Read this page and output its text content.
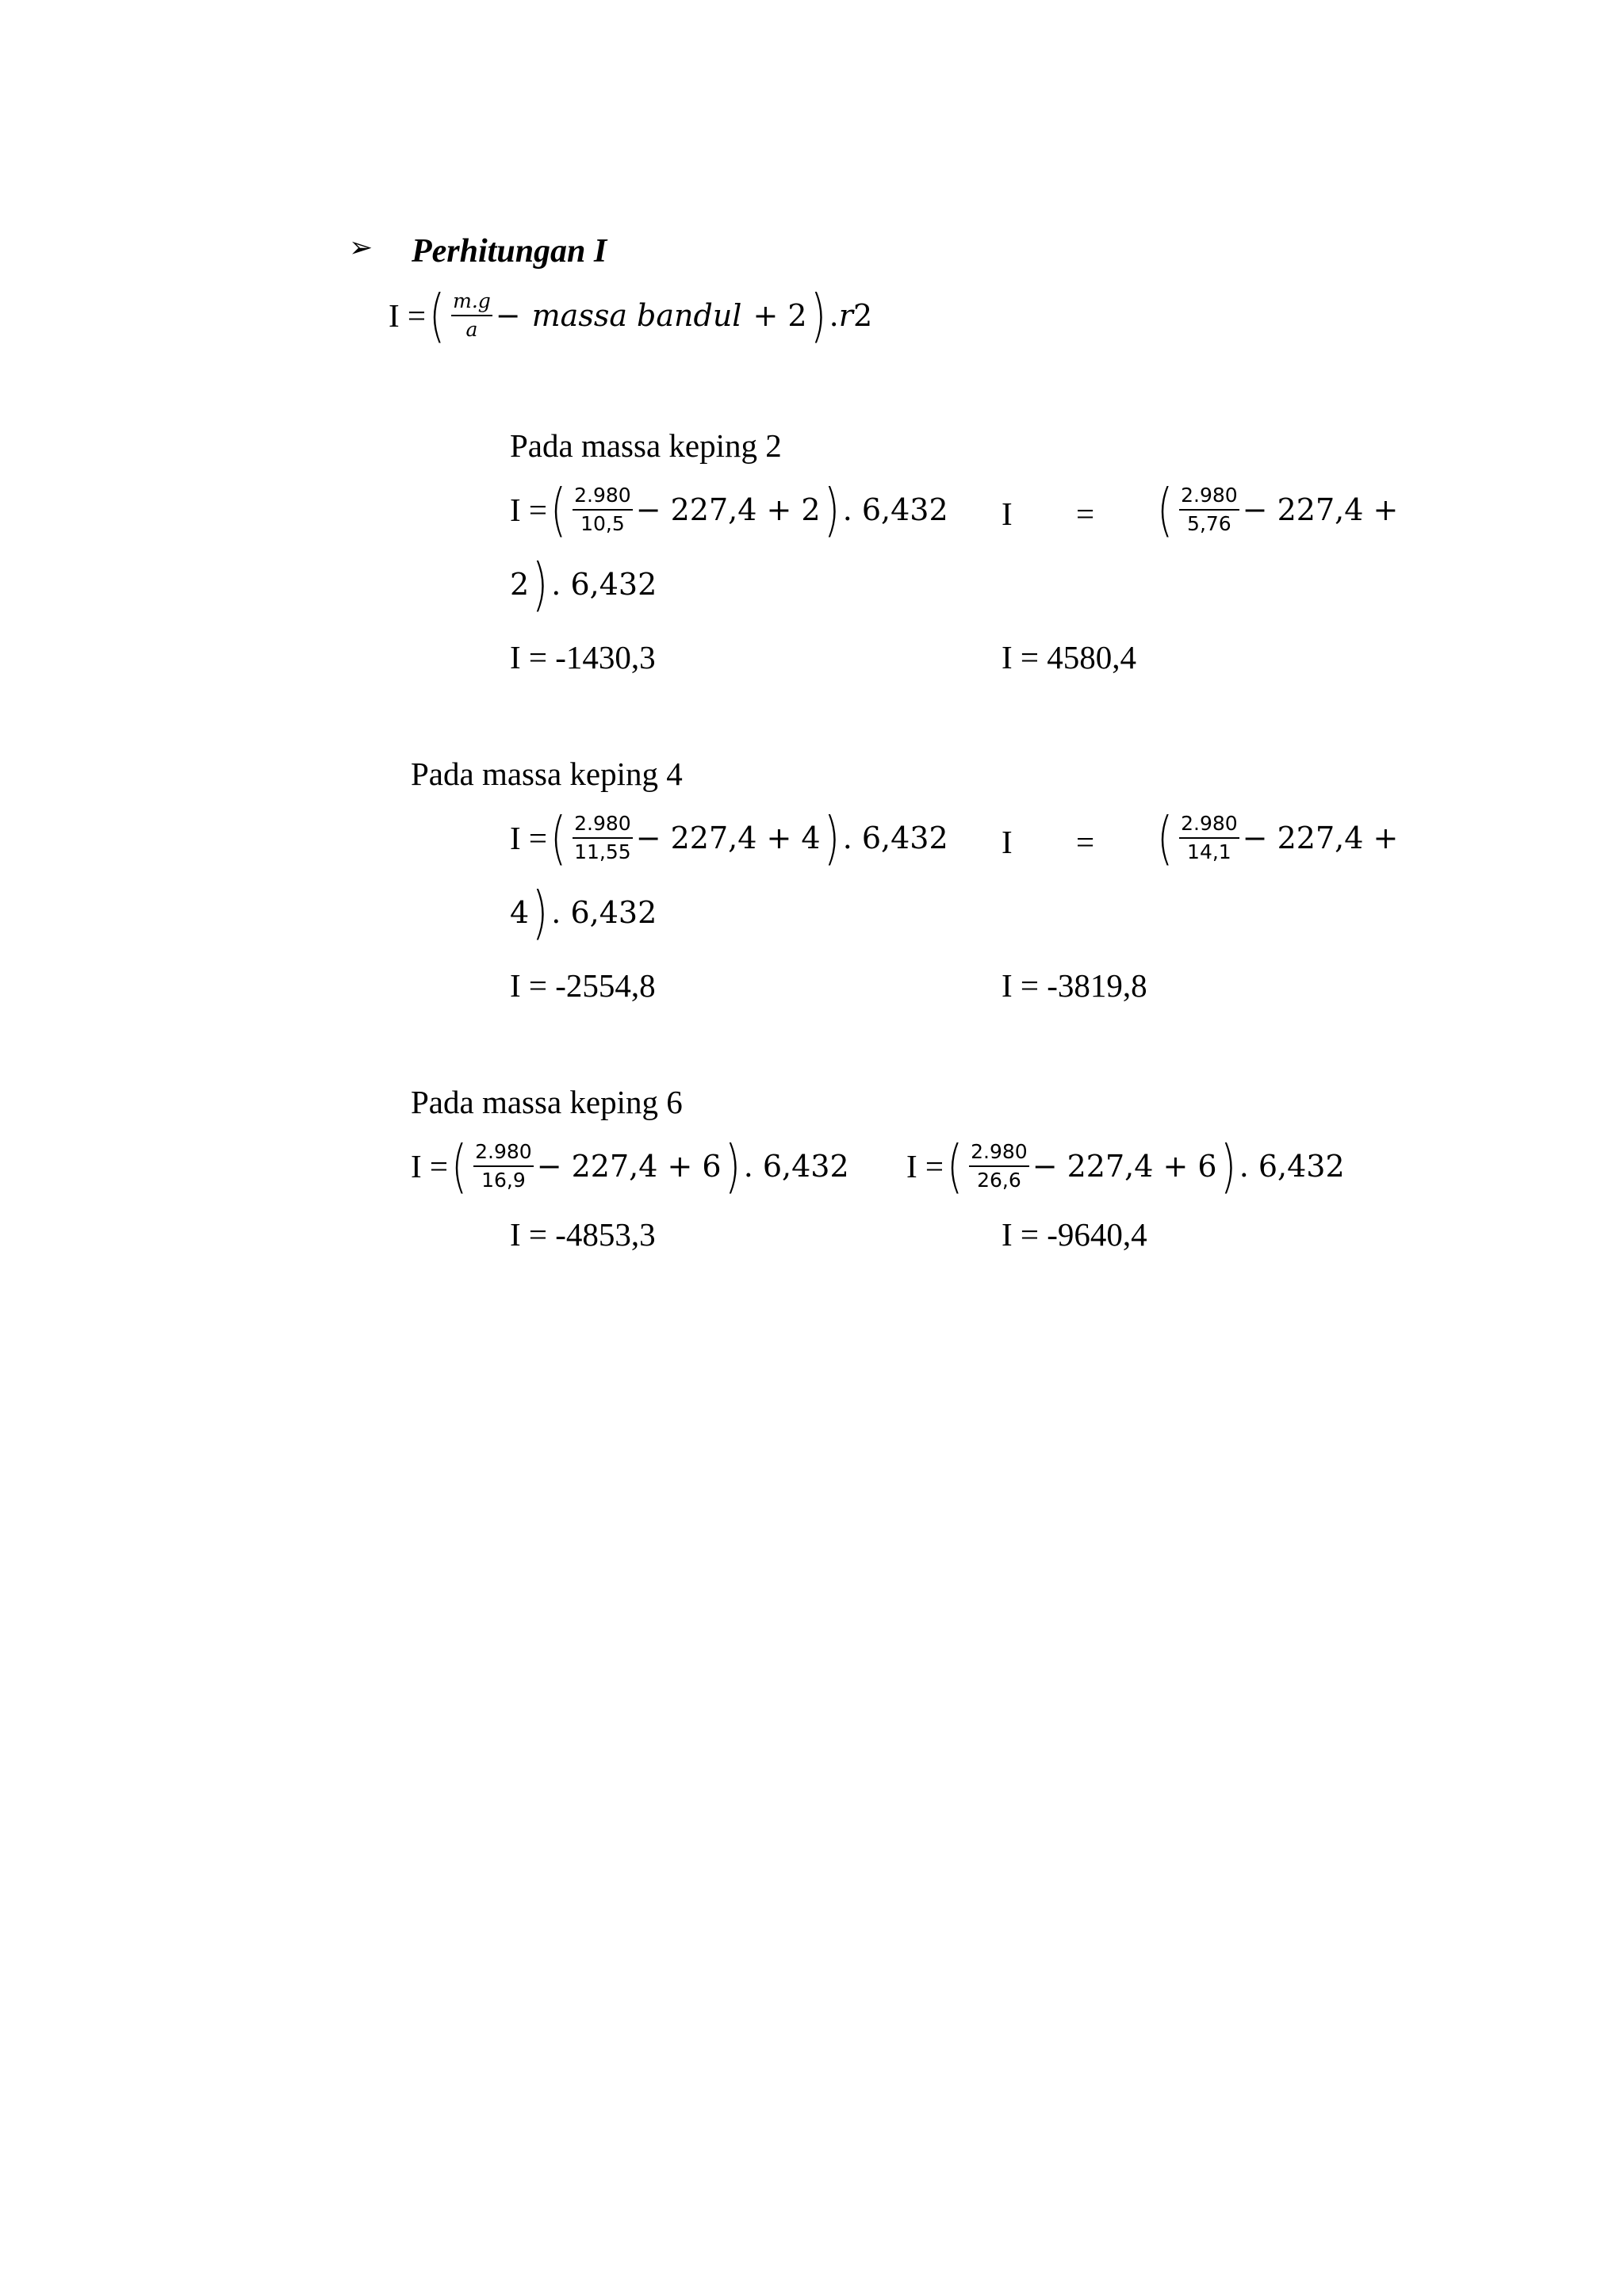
➢ Perhitungan I
I = ( $\frac{m.g}{a}$ − massa bandul + 2 ) . r 2
Pada massa keping 2
I = ( $\frac{2.980}{10,5} - 227,4 + 2$ ) . 6,43 2 I = ( $\frac{2.980}{5,76} - 227,4$ +
2 ) . 6,43 2
I = -1430,3	I = 4580,4
Pada massa keping 4
I = ( $\frac{2.980}{11,55} - 227,4 + 4$ ) . 6,43 2 I = ( $\frac{2.980}{14,1} - 227,4$ +
4 ) . 6,43 2
I = -2554,8	I = -3819,8
Pada massa keping 6
I = ( $\frac{2.980}{16,9} - 227,4 + 6$ ) . 6,43 2 I = ( $\frac{2.980}{26,6} - 227,4 + 6$ ) . 6,43 2
I = -4853,3	I = -9640,4
